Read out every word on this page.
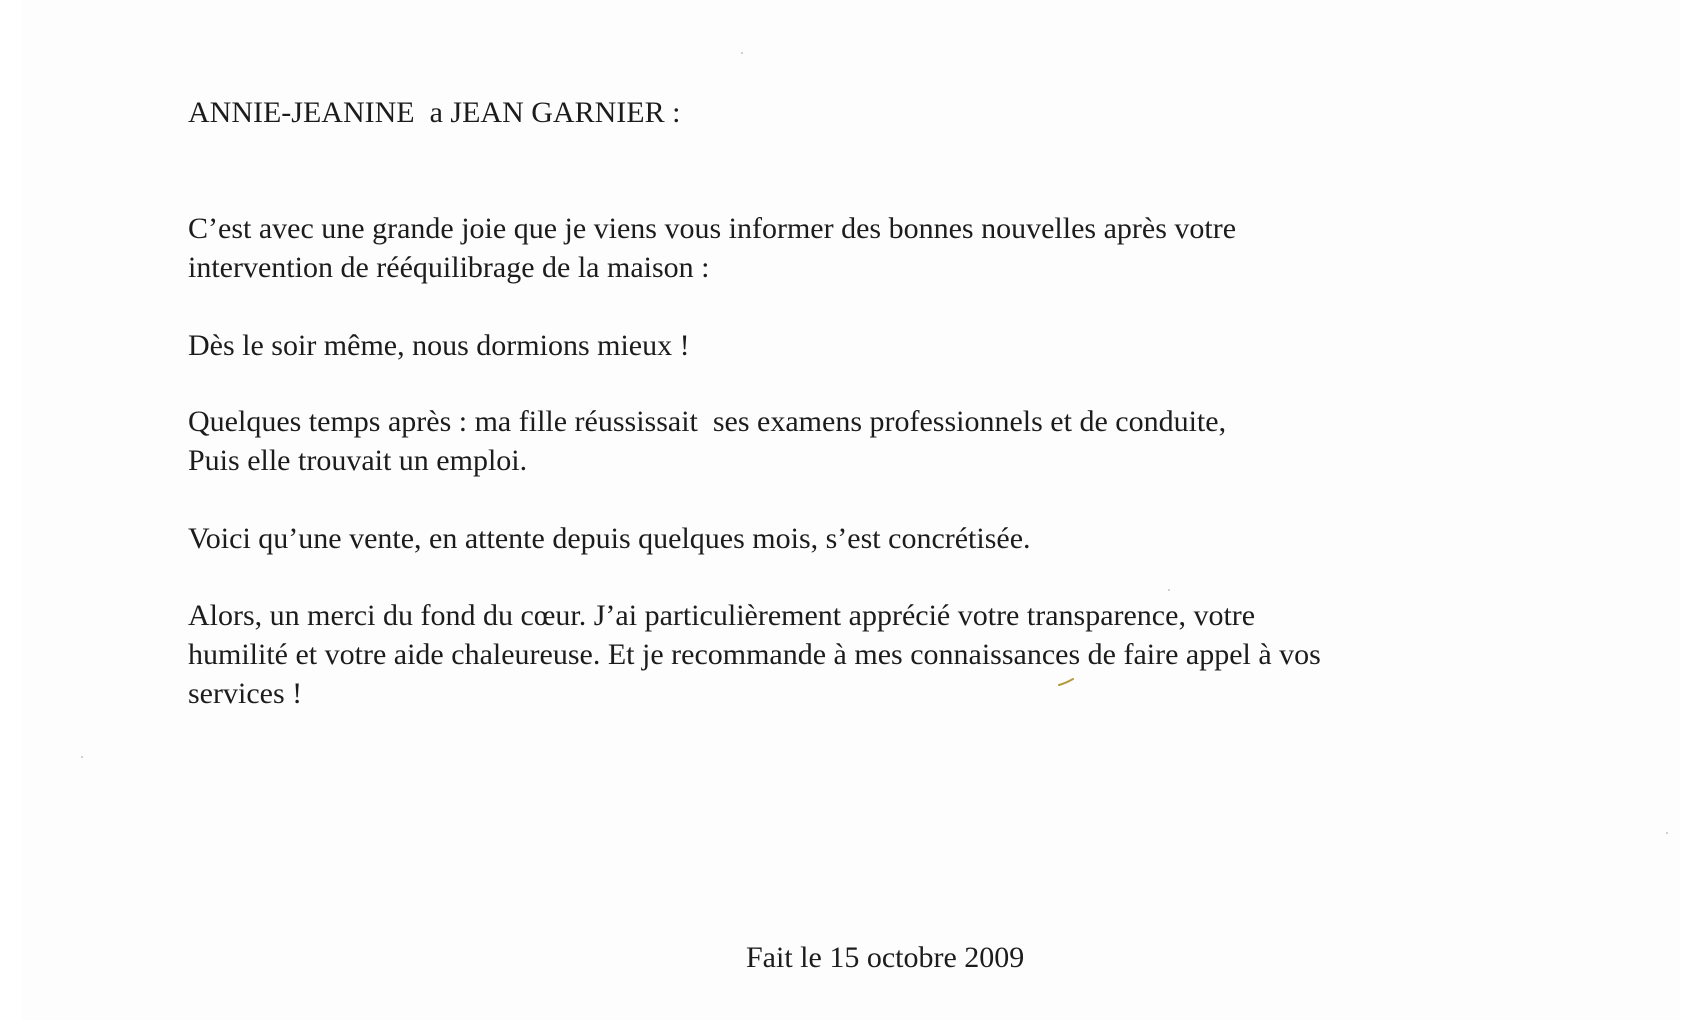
ANNIE-JEANINE  a JEAN GARNIER :
C’est avec une grande joie que je viens vous informer des bonnes nouvelles après votre
intervention de rééquilibrage de la maison :
Dès le soir même, nous dormions mieux !
Quelques temps après : ma fille réussissait  ses examens professionnels et de conduite,
Puis elle trouvait un emploi.
Voici qu’une vente, en attente depuis quelques mois, s’est concrétisée.
Alors, un merci du fond du cœur. J’ai particulièrement apprécié votre transparence, votre
humilité et votre aide chaleureuse. Et je recommande à mes connaissances de faire appel à vos
services !
Fait le 15 octobre 2009
